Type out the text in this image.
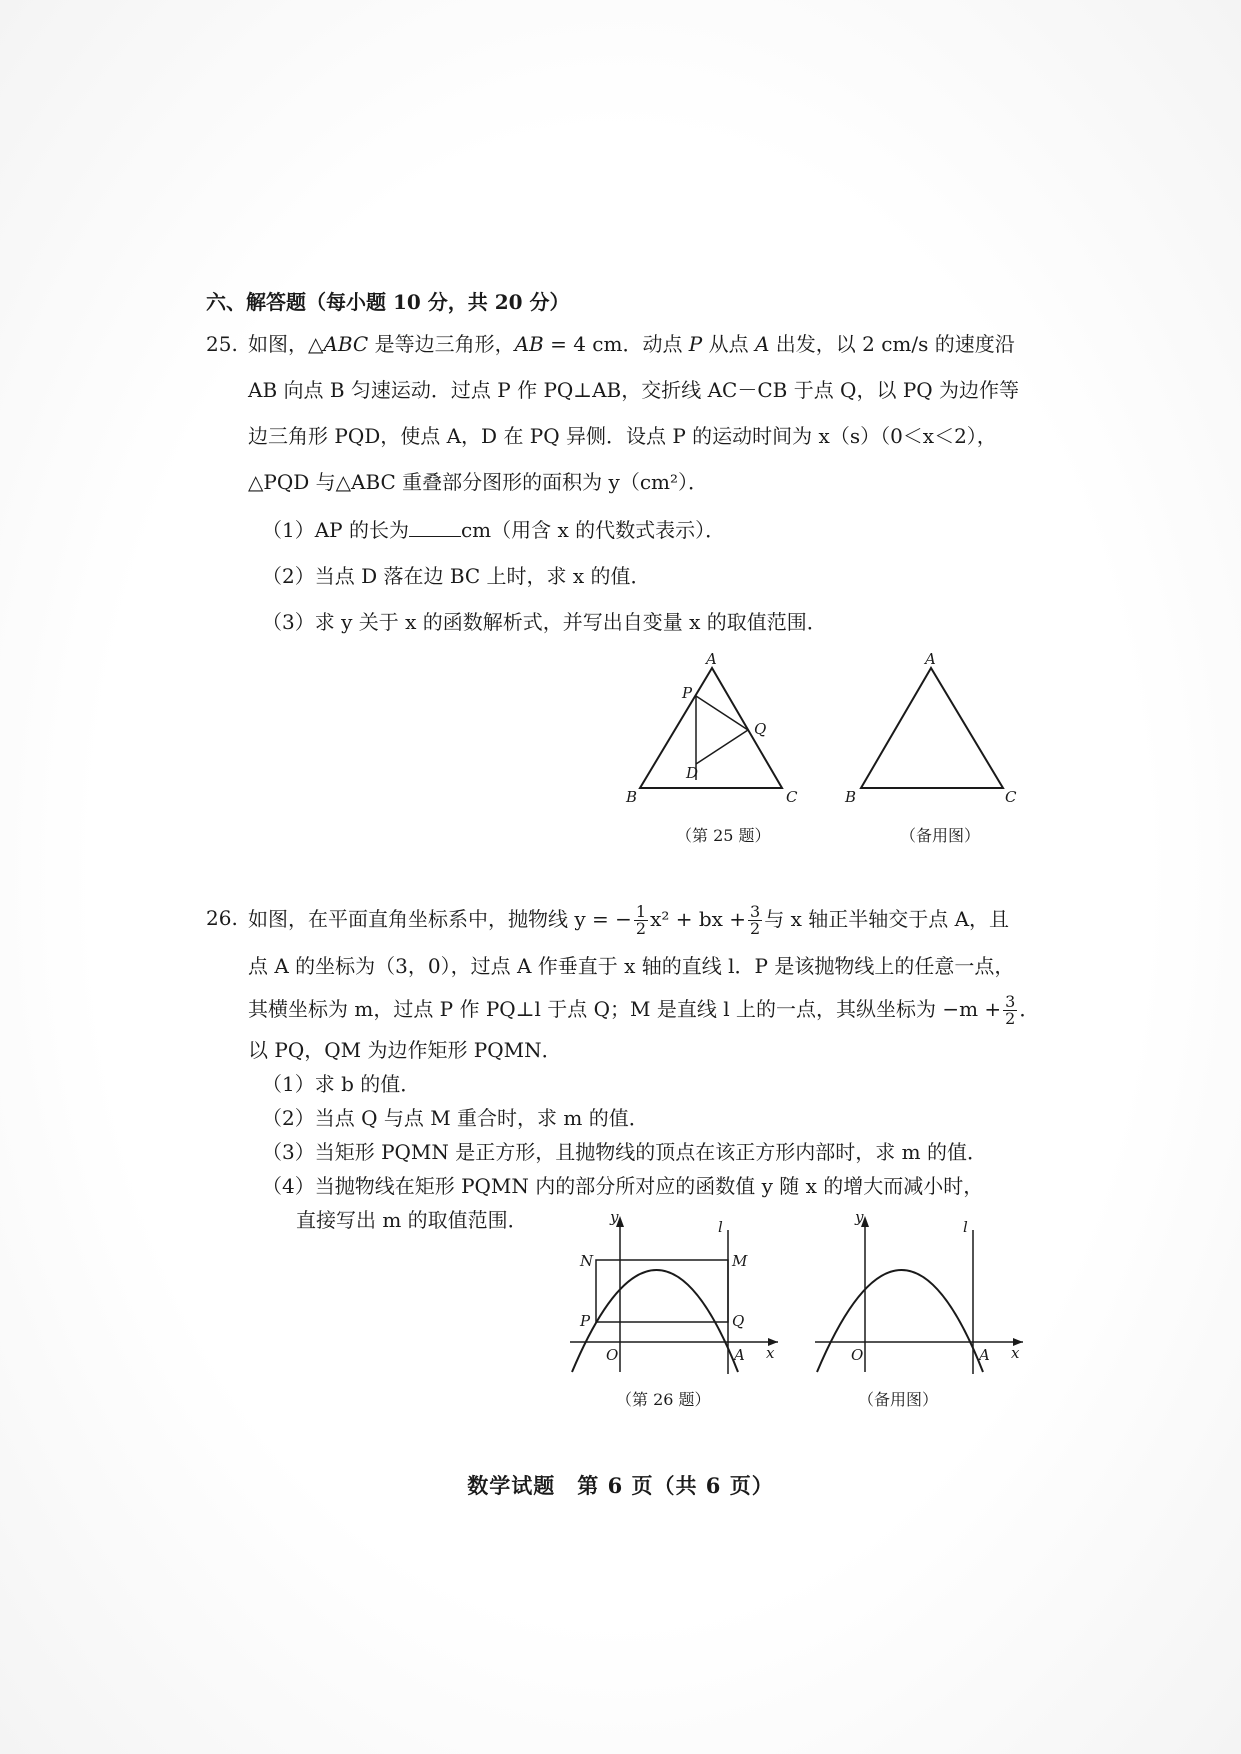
六、解答题（每小题 10 分，共 20 分）
25. 如图，△ABC 是等边三角形，AB = 4 cm．动点 P 从点 A 出发，以 2 cm/s 的速度沿
AB 向点 B 匀速运动．过点 P 作 PQ⊥AB，交折线 AC－CB 于点 Q，以 PQ 为边作等
边三角形 PQD，使点 A，D 在 PQ 异侧．设点 P 的运动时间为 x（s）（0＜x＜2），
△PQD 与△ABC 重叠部分图形的面积为 y（cm²）．
（1）AP 的长为	cm（用含 x 的代数式表示）．
（2）当点 D 落在边 BC 上时，求 x 的值．
（3）求 y 关于 x 的函数解析式，并写出自变量 x 的取值范围．
A
B	C
P
Q
D
A
B	C
（第 25 题）	（备用图）
26. 如图，在平面直角坐标系中，抛物线 y = − $\frac{1}{2} x^2$ + bx + $\frac{3}{2}$ 与 x 轴正半轴交于点 A，且
点 A 的坐标为（3，0），过点 A 作垂直于 x 轴的直线 l．P 是该抛物线上的任意一点，
其横坐标为 m，过点 P 作 PQ⊥l 于点 Q；M 是直线 l 上的一点，其纵坐标为 $-m + \frac{3}{2}$ ．
以 PQ，QM 为边作矩形 PQMN．
（1）求 b 的值．
（2）当点 Q 与点 M 重合时，求 m 的值．
（3）当矩形 PQMN 是正方形，且抛物线的顶点在该正方形内部时，求 m 的值．
（4）当抛物线在矩形 PQMN 内的部分所对应的函数值 y 随 x 的增大而减小时，
直接写出 m 的取值范围．	y
x
O	A
l
N	M
P	Q
y
x
O	A
l
（第 26 题）	（备用图）
数学试题　第 6 页（共 6 页）
